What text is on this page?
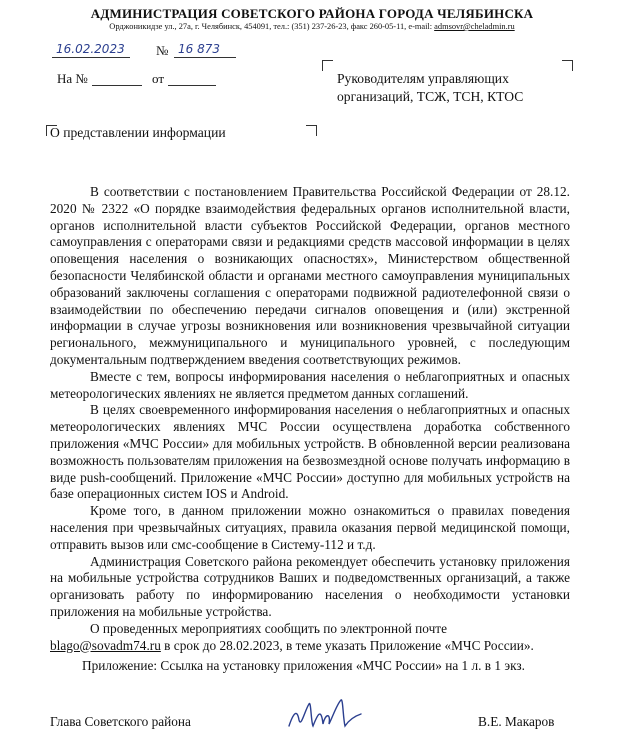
АДМИНИСТРАЦИЯ СОВЕТСКОГО РАЙОНА ГОРОДА ЧЕЛЯБИНСКА
Орджоникидзе ул., 27а, г. Челябинск, 454091, тел.: (351) 237-26-23, факс 260-05-11, e-mail: admsovr@cheladmin.ru
16.02.2023 № 16 873
На №	от	Руководителям управляющих
организаций, ТСЖ, ТСН, КТОС
О представлении информации

В соответствии с постановлением Правительства Российской Федерации от 28.12. 2020 № 2322 «О порядке взаимодействия федеральных органов исполнительной власти, органов исполнительной власти субъектов Российской Федерации, органов местного самоуправления с операторами связи и редакциями средств массовой информации в целях оповещения населения о возникающих опасностях», Министерством общественной безопасности Челябинской области и органами местного самоуправления муниципальных образований заключены соглашения с операторами подвижной радиотелефонной связи о взаимодействии по обеспечению передачи сигналов оповещения и (или) экстренной информации в случае угрозы возникновения или возникновения чрезвычайной ситуации регионального, межмуниципального и муниципального уровней, с последующим документальным подтверждением введения соответствующих режимов.

Вместе с тем, вопросы информирования населения о неблагоприятных и опасных метеорологических явлениях не является предметом данных соглашений.

В целях своевременного информирования населения о неблагоприятных и опасных метеорологических явлениях МЧС России осуществлена доработка собственного приложения «МЧС России» для мобильных устройств. В обновленной версии реализована возможность пользователям приложения на безвозмездной основе получать информацию в виде push-сообщений. Приложение «МЧС России» доступно для мобильных устройств на базе операционных систем IOS и Android.

Кроме того, в данном приложении можно ознакомиться о правилах поведения населения при чрезвычайных ситуациях, правила оказания первой медицинской помощи, отправить вызов или смс-сообщение в Систему-112 и т.д.

Администрация Советского района рекомендует обеспечить установку приложения на мобильные устройства сотрудников Ваших и подведомственных организаций, а также организовать работу по информированию населения о необходимости установки приложения на мобильные устройства.

О проведенных мероприятиях сообщить по электронной почте

blago@sovadm74.ru в срок до 28.02.2023, в теме указать Приложение «МЧС России».

Приложение: Ссылка на установку приложения «МЧС России» на 1 л. в 1 экз.

Глава Советского района	В.Е. Макаров
